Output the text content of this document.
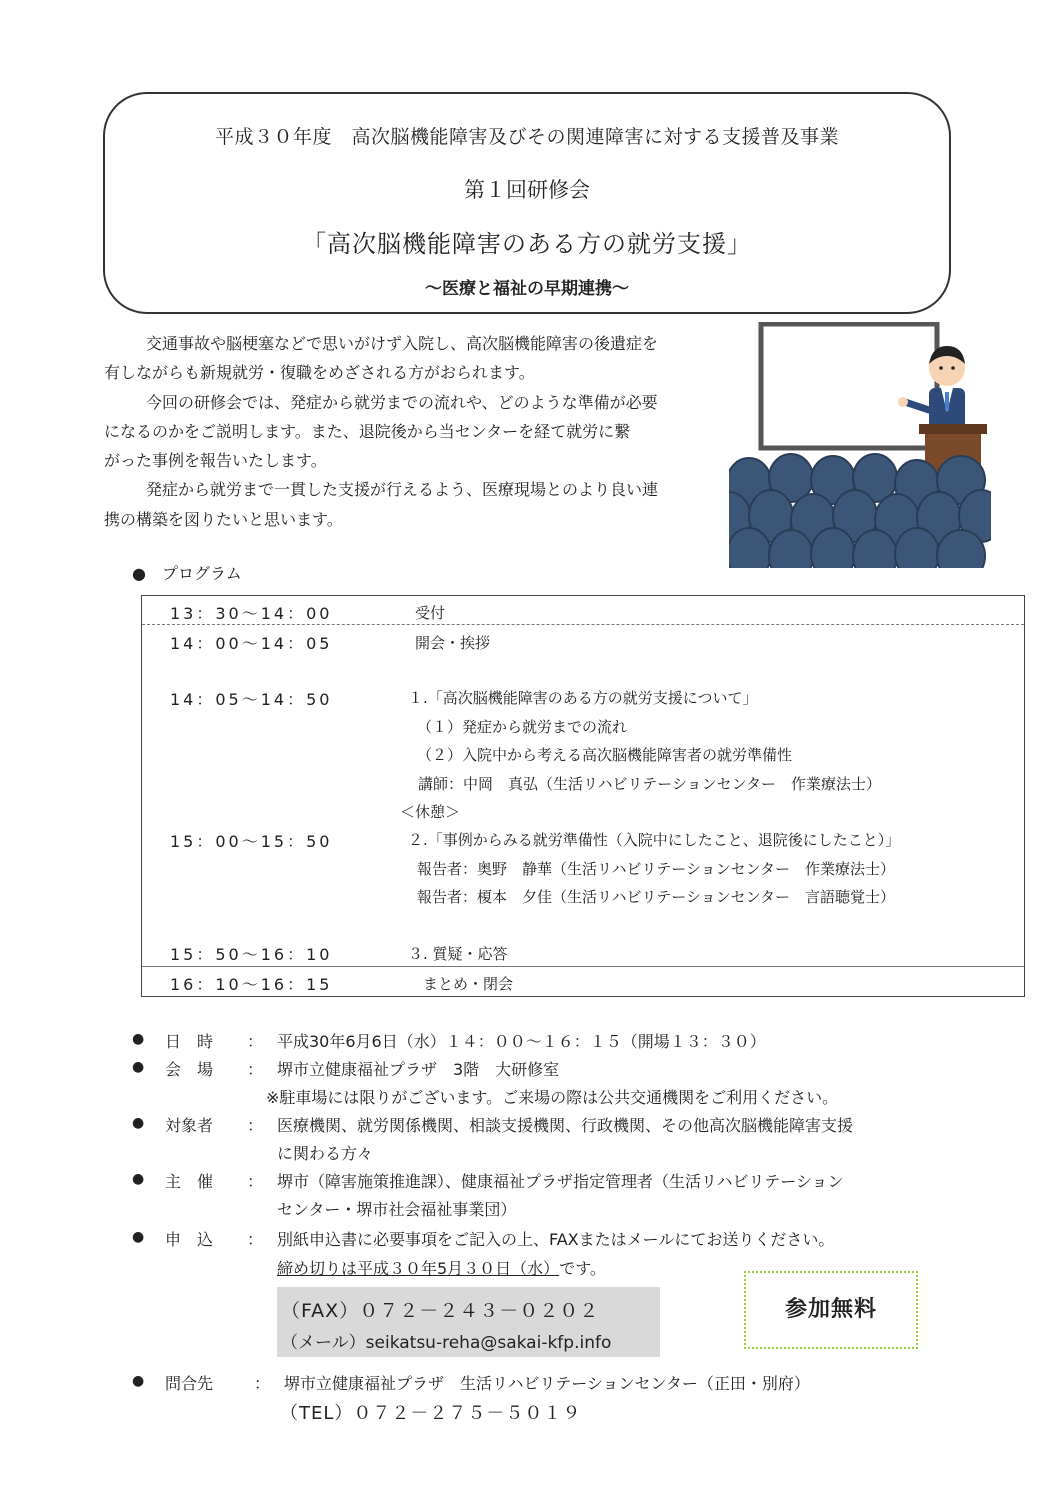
平成３０年度　高次脳機能障害及びその関連障害に対する支援普及事業
第１回研修会
「高次脳機能障害のある方の就労支援」
～医療と福祉の早期連携～

交通事故や脳梗塞などで思いがけず入院し、高次脳機能障害の後遺症を

有しながらも新規就労・復職をめざされる方がおられます。

今回の研修会では、発症から就労までの流れや、どのような準備が必要

になるのかをご説明します。また、退院後から当センターを経て就労に繋

がった事例を報告いたします。

発症から就労まで一貫した支援が行えるよう、医療現場とのより良い連

携の構築を図りたいと思います。

●　プログラム
13：30～14：00	受付
14：00～14：05	開会・挨拶
14：05～14：50	１.「高次脳機能障害のある方の就労支援について」
（１）発症から就労までの流れ
（２）入院中から考える高次脳機能障害者の就労準備性
講師：中岡　真弘（生活リハビリテーションセンター　作業療法士）
＜休憩＞
15：00～15：50	２.「事例からみる就労準備性（入院中にしたこと、退院後にしたこと）」
報告者：奥野　静華（生活リハビリテーションセンター　作業療法士）
報告者：榎本　夕佳（生活リハビリテーションセンター　言語聴覚士）
15：50～16：10	３. 質疑・応答
16：10～16：15	まとめ・閉会
● 日　時 ： 平成30年6月6日（水）１４：００～１６：１５（開場１３：３０）
● 会　場 ： 堺市立健康福祉プラザ　3階　大研修室
※駐車場には限りがございます。ご来場の際は公共交通機関をご利用ください。
● 対象者 ： 医療機関、就労関係機関、相談支援機関、行政機関、その他高次脳機能障害支援
に関わる方々
● 主　催 ： 堺市（障害施策推進課）、健康福祉プラザ指定管理者（生活リハビリテーション
センター・堺市社会福祉事業団）
● 申　込 ： 別紙申込書に必要事項をご記入の上、FAXまたはメールにてお送りください。
締め切りは平成３０年5月３０日（水）です。
（FAX）０７２－２４３－０２０２
（メール）seikatsu-reha@sakai-kfp.info
参加無料
● 問合先	： 堺市立健康福祉プラザ　生活リハビリテーションセンター（正田・別府）
（TEL）０７２－２７５－５０１９
